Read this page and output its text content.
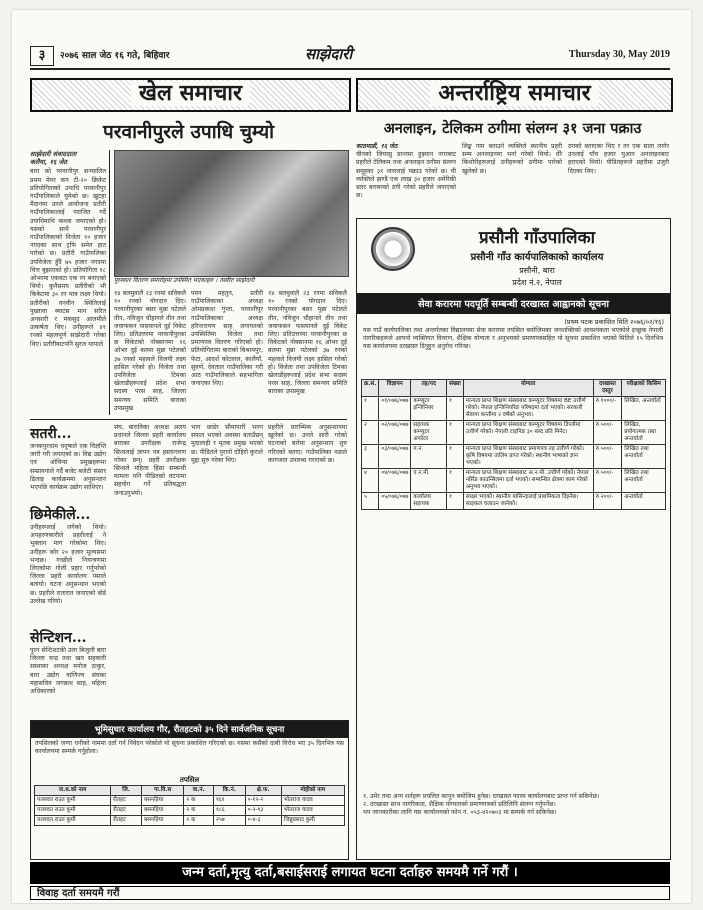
३	२०७६ साल जेठ १६ गते, बिहिवार	साझेदारी	Thursday 30, May 2019
खेल समाचार
परवानीपुरले उपाधि चुम्यो
साझेदारी संवाददाता
कलैया, १६ जेठ
बारा को परवानीपुर सञ्चालित प्रथम मेयर कप टी-२० क्रिकेट प्रतियोगिताको उपाधि परवानीपुर गाउँपालिकाले चुमेको छ। खुटहा मैदानमा उनले आयोजना प्रतीरी गाउँपालिकालाई पराजित गर्दै उपाधिमाथि कब्जा जमाएको हो। यसको साथै परवानीपुर गाउँपालिकाको विजेता १० हजार नगदका साथ ट्रफि समेत हात पारेको छ। प्रतीरी गाउँपालिका उपविजेता हुँदै ७५ हजार नगदमा चित्त बुझाएको हो। प्रतियोगिता १८ ओभरमा एकवटा एक रन बनाएको थियो। कुनैसमय प्रतीरीको भी किकेटमा ३० रन मात्र लक्ष्य थियो। प्रतीरीको वनवीन स्थितिलाई पुख्तावा ब्याटस मान सरित अनसारी र मकसुद आलमीले उत्कर्षता थिए। उनीहरूले ४१ रनको महत्वपूर्ण साझेदारी गरेका थिए। प्रतीरीबाटपनि सुरज थापाले
पुरस्कार वितरण समारोहमा उपस्थित भएकाहरु । तस्वीरः साझेदारी
१४ बलमुवालै २३ रनमा सविकलै १० रनको योगदान दिए। परवानीपुरका बसर मुन्ना पटेलले तीन, नविजुन चौहानले तीन तथा जवाफकन पासवानले दुई विकेट लिए। प्रतिउत्तरमा परवानीपुरका छ विकेटको नोक्सानमा १६ ओभर दुई बलमा मुन्ना पटेलको ३७ रनको महत्वले विजयी लक्ष्य हासिल गरेको हो। विजेता तथा उपविजेता टिमका खेलाडीहरूलाई प्रदेश सभा सदस्य परस साह, जिल्ला समन्वय समिति बाराका उपप्रमुख
पवन महतुन, प्रतीरी गाउँपालिकाका अध्यक्ष ओमप्रकाश गुप्ता, परवानीपुर गाउँपालिकाका अध्यक्ष हरिनारायण साह लगायतको उपस्थितिमा विजेता तथा प्रमाणपत्र वितरण गरिएको हो। प्रतियोगितामा बाराको बिश्रामपुर, फेटा, आदर्श कोटवाल, कालैयाँ, सुवर्ण, देवताल गाउँपालिका गरी आठ गाउँपालिकाले सहभागिता जनाएका थिए।
१४ बलमुवालै २३ रनमा सविकलै १० रनको योगदान दिए। परवानीपुरका बसर मुन्ना पटेलले तीन, नविजुन चौहानले तीन तथा जवाफकन पासवानले दुई विकेट लिए। प्रतिउत्तरमा परवानीपुरका छ विकेटको नोक्सानमा १६ ओभर दुई बलमा मुन्ना पटेलको ३७ रनको महत्वले विजयी लक्ष्य हासिल गरेको हो। विजेता तथा उपविजेता टिमका खेलाडीहरूलाई प्रदेश सभा सदस्य परस साह, जिल्ला समन्वय समिति बाराका उपप्रमुख
सतरी...
जनकपुरधाम धनुषाले एक विज्ञप्ति जारी गरी जनाएको छ। विद्य उद्योग एवं ओविन्स प्रमुखहरूमा सम्प्रावनाले गर्दै बजेट बजेटी संसार ढिलाइ कार्यक्रममा अनुसन्धान भएपछि कार्यक्रम उद्योग साथिएर।
छिमेकीले...
उनीहरूलाई लगेको थियो। अपहरणकारीले प्रहरीलाई ने भुक्तान माग गरेकोमा थिए। उनीहरू कोर २० हजार मूल्यसमा भन्दछ। गच्छीले नियन्त्रणमा लिएकोमा गोली प्रहार गर्नुपरेको जिल्ला प्रहरी कार्यालय पसाले बतायो। घटना अनुसन्धान भएको छ। प्रहरीले रातारात जनाएको बोर्ड उल्लेख गरियो।
सेन्टिशन...
पुरन सेन्टिशटकी उला बिजुली बारा जिल्ला चन्द्र तथा खत सहकारी सस्थाका अध्यक्ष मनोज ठाकुर, बारा उद्योग वाणिज्य संघका महासचिव जगन्नाथ साह, महिला अधिकारको
संघ, बाराविका अध्यक्ष अलप प्रधानले जिल्ला प्रहरी कार्यालय बाराका उपरीक्षक राजेन्द्र सिन्धलाई ज्ञापन पत्र हस्तान्तरण गरेका छन्। प्रहरी उपरीक्षक सिन्धले महिला हिंसा सम्बन्धी मामला पनि पीडितको घटनामा सहयोग गर्ने प्रतिबद्धता जनाउनुभयो।
भाग छाडेर सीमापारी भाग्न सफल भएको अवस्था बताउँछन् मुदालाही र मृतक प्रमुख भएको छ। पीडितले पुरानो दोहिरो कुराले मुद्दा सुरु गरेका थिए।
प्रहरीले प्रारम्भिक अनुसन्धानमा खुलेको छ। उनले सारी गरेको घटनाको बारेमा अनुसन्धान शुरु गरिएको बताए। गाउँपालिका वडाले कागजात उपलब्ध गराएको छ।
भूमिसुधार कार्यालय गौर, रौतहटको ३५ दिने सार्वजनिक सूचना
तपसिलको जग्गा धनीको नाममा दर्ता गर्न निवेदन परेकोले यो सूचना प्रकाशित गरिएको छ। यसमा कसैको दाबी विरोध भए ३५ दिनभित्र यस कार्यालयमा सम्पर्क गर्नुहोला।
तपसिल
ज.ध.को नाम	जि.	गा.वि.स	वा.नं.	कि.नं.	क्षे.फ.	मोहीको नाम
पल्लवत राउत कुमी	रौतहट	बसनहिया	२ क	१६१	०-१२-२	भोतराज यादव
पल्लवत राउत कुमी	रौतहट	बसनहिया	२ क	१८६	०-२-१३	भोतराज यादव
पल्लवत राउत कुमी	रौतहट	बसनहिया	२ क	२५७	०-४-३	जिन्नुप्रसाद कुमी
अन्तर्राष्ट्रिय समाचार
अनलाइन, टेलिकम ठगीमा संलग्न ३१ जना पक्राउ
काठमाडौं, १६ जेठ
चीनको जियासु प्रान्तमा हुझ्यान नगरबाट प्रहरीले टेलिकम तथा अनलाइन ठगीमा संलग्न समूहका ३१ जनालाई पक्राउ गरेको छ। यी व्यक्तिले झण्डै एक लाख ३० हजार अमेरिकी डलर बराबरको ठगी गरेको प्रहरीले जनाएको छ।
लिङ्क नाम बताउने व्यक्तिले स्थानीय प्रहरी सम्म अनलाइनमा भर्ना गरेको थियो। धेरै किशोरीहरूलाई उनीहरूको ठगीमा पारेको खुलेको छ।
ठगको बताएका थिए र तर एक साता लागेर उनलाई पाँच हजार युआन अनलाइनबाट हराएको थियो। पीडितहरूले प्रहरीमा उजुरी दिएका थिए।
प्रसौनी गाँउपालिका
प्रसौनी गाँउ कार्यपालिकाको कार्यालय
प्रसौनी, बारा
प्रदेश नं.२, नेपाल
सेवा करारमा पदपूर्ति सम्बन्धी दरखास्त आह्वानको सूचना
(प्रथम पटक प्रकाशित मिति २०७६/०२/१६)
यस गाउँ कार्यपालिका तथा अन्तर्गतका विद्यालयमा सेवा करारमा तपसिल बमोजिमका जनशक्तिको आवश्यकता भएकोले इच्छुक नेपाली नागरिकहरूले आफ्नो व्यक्तिगत विवरण, शैक्षिक योग्यता र अनुभवको प्रमाणपत्रसहित यो सूचना प्रकाशित भएको मितिले १५ दिनभित्र यस कार्यालयमा दरखास्त दिनुहुन अनुरोध गरिन्छ।
क्र.सं.	विज्ञापन	तह/पद	संख्या	योग्यता	दरखास्त दस्तुर	परीक्षाको किसिम
१	०१/०७६/०७७	कम्प्युटर इन्जिनियर	१	मान्यता प्राप्त शिक्षण संस्थाबाट कम्प्युटर विषयमा BE उत्तीर्ण गरेको। नेपाल इन्जिनियरिङ परिषदमा दर्ता भएको। सरकारी सेवामा कम्तीमा २ वर्षको अनुभव।	रु.१०००/-	लिखित, अन्तर्वार्ता
२	०२/०७६/०७७	सहायक कम्प्युटर अपरेटर	१	मान्यता प्राप्त शिक्षण संस्थाबाट कम्प्युटर विषयमा डिप्लोमा उत्तीर्ण गरेको। नेपाली टाइपिङ ३० शब्द प्रति मिनेट।	रु.५००/-	लिखित, प्रयोगात्मक तथा अन्तर्वार्ता
३	०३/०७६/०७७	ग.न.	१	मान्यता प्राप्त शिक्षण संस्थाबाट प्रमाणपत्र तह उत्तीर्ण गरेको। कृषि विषयमा तालिम प्राप्त गरेको। स्थानीय भाषाको ज्ञान भएको।	रु.५००/-	लिखित तथा अन्तर्वार्ता
४	०४/०७६/०७७	ए.न.मी.	१	मान्यता प्राप्त शिक्षण संस्थाबाट अ.न.मी. उत्तीर्ण गरेको। नेपाल नर्सिङ काउन्सिलमा दर्ता भएको। सम्बन्धित क्षेत्रमा काम गरेको अनुभव भएको।	रु.५००/-	लिखित तथा अन्तर्वार्ता
५	०५/०७६/०७७	कार्यालय सहायक	१	साक्षर भएको। स्थानीय बासिन्दालाई प्राथमिकता दिइनेछ। साइकल चलाउन जानेको।	रु.२००/-	अन्तर्वार्ता
१. उमेर तथा अन्य शर्तहरू प्रचलित कानून बमोजिम हुनेछ। दरखास्त फारम कार्यालयबाट प्राप्त गर्न सकिनेछ।
२. दरखास्त साथ नागरिकता, शैक्षिक योग्यताको प्रमाणपत्रको प्रतिलिपि संलग्न गर्नुपर्नेछ।
थप जानकारीका लागि यस कार्यालयको फोन नं. ०५३-४२०७०३ मा सम्पर्क गर्न सकिनेछ।
जन्म दर्ता,मृत्यु दर्ता,बसाईसराई लगायत घटना दर्ताहरु समयमै गर्ने गरौं ।
विवाह दर्ता समयमै गरौं
